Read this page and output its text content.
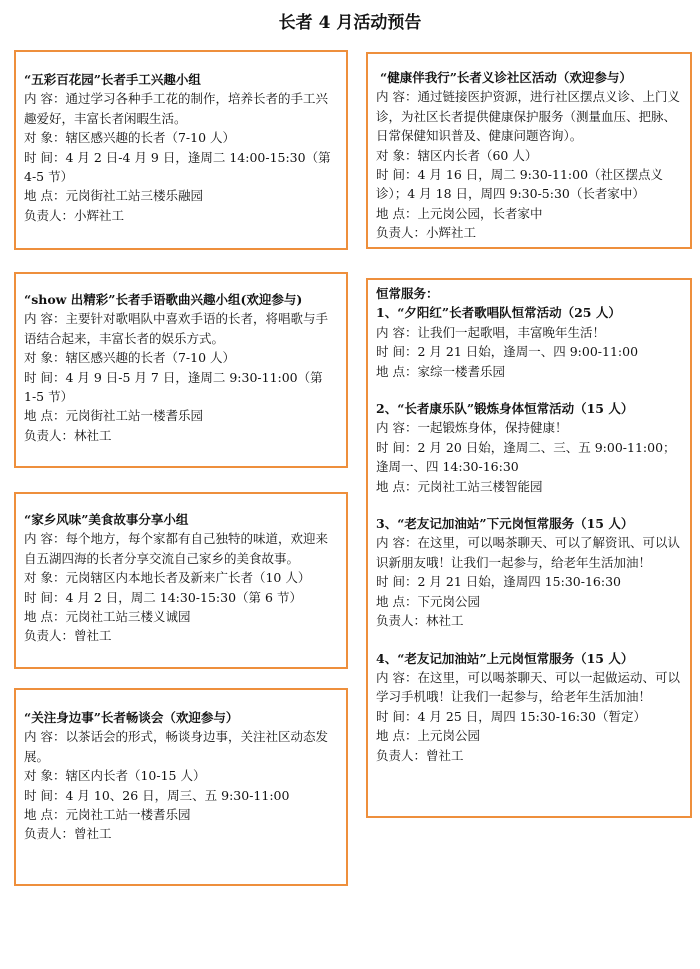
长者 4 月活动预告
“五彩百花园”长者手工兴趣小组
内 容：通过学习各种手工花的制作，培养长者的手工兴趣爱好，丰富长者闲暇生活。
对 象：辖区感兴趣的长者（7-10 人）
时 间：4 月 2 日-4 月 9 日，逢周二 14:00-15:30（第 4-5 节）
地 点：元岗街社工站三楼乐融园
负责人：小辉社工
“show 出精彩”长者手语歌曲兴趣小组(欢迎参与)
内 容：主要针对歌唱队中喜欢手语的长者，将唱歌与手语结合起来，丰富长者的娱乐方式。
对 象：辖区感兴趣的长者（7-10 人）
时 间：4 月 9 日-5 月 7 日，逢周二 9:30-11:00（第 1-5 节）
地 点：元岗街社工站一楼耆乐园
负责人：林社工
“家乡风味”美食故事分享小组
内 容：每个地方，每个家都有自己独特的味道，欢迎来自五湖四海的长者分享交流自己家乡的美食故事。
对 象：元岗辖区内本地长者及新来广长者（10 人）
时 间：4 月 2 日，周二 14:30-15:30（第 6 节）
地 点：元岗社工站三楼义诚园
负责人：曾社工
“关注身边事”长者畅谈会（欢迎参与）
内 容：以茶话会的形式，畅谈身边事，关注社区动态发展。
对 象：辖区内长者（10-15 人）
时 间：4 月 10、26 日，周三、五 9:30-11:00
地 点：元岗社工站一楼耆乐园
负责人：曾社工
“健康伴我行”长者义诊社区活动（欢迎参与）
内 容：通过链接医护资源，进行社区摆点义诊、上门义诊，为社区长者提供健康保护服务（测量血压、把脉、日常保健知识普及、健康问题咨询）。
对 象：辖区内长者（60 人）
时 间：4 月 16 日，周二 9:30-11:00（社区摆点义诊）；4 月 18 日，周四 9:30-5:30（长者家中）
地 点：上元岗公园，长者家中
负责人：小辉社工
恒常服务：
1、“夕阳红”长者歌唱队恒常活动（25 人）
内 容：让我们一起歌唱，丰富晚年生活！
时 间：2 月 21 日始，逢周一、四 9:00-11:00
地 点：家综一楼耆乐园
2、“长者康乐队”锻炼身体恒常活动（15 人）
内 容：一起锻炼身体，保持健康！
时 间：2 月 20 日始，逢周二、三、五 9:00-11:00；逢周一、四 14:30-16:30
地 点：元岗社工站三楼智能园
3、“老友记加油站”下元岗恒常服务（15 人）
内 容：在这里，可以喝茶聊天、可以了解资讯、可以认识新朋友哦！让我们一起参与，给老年生活加油！
时 间：2 月 21 日始，逢周四 15:30-16:30
地 点：下元岗公园
负责人：林社工
4、“老友记加油站”上元岗恒常服务（15 人）
内 容：在这里，可以喝茶聊天、可以一起做运动、可以学习手机哦！让我们一起参与，给老年生活加油！
时 间：4 月 25 日，周四 15:30-16:30（暂定）
地 点：上元岗公园
负责人：曾社工
